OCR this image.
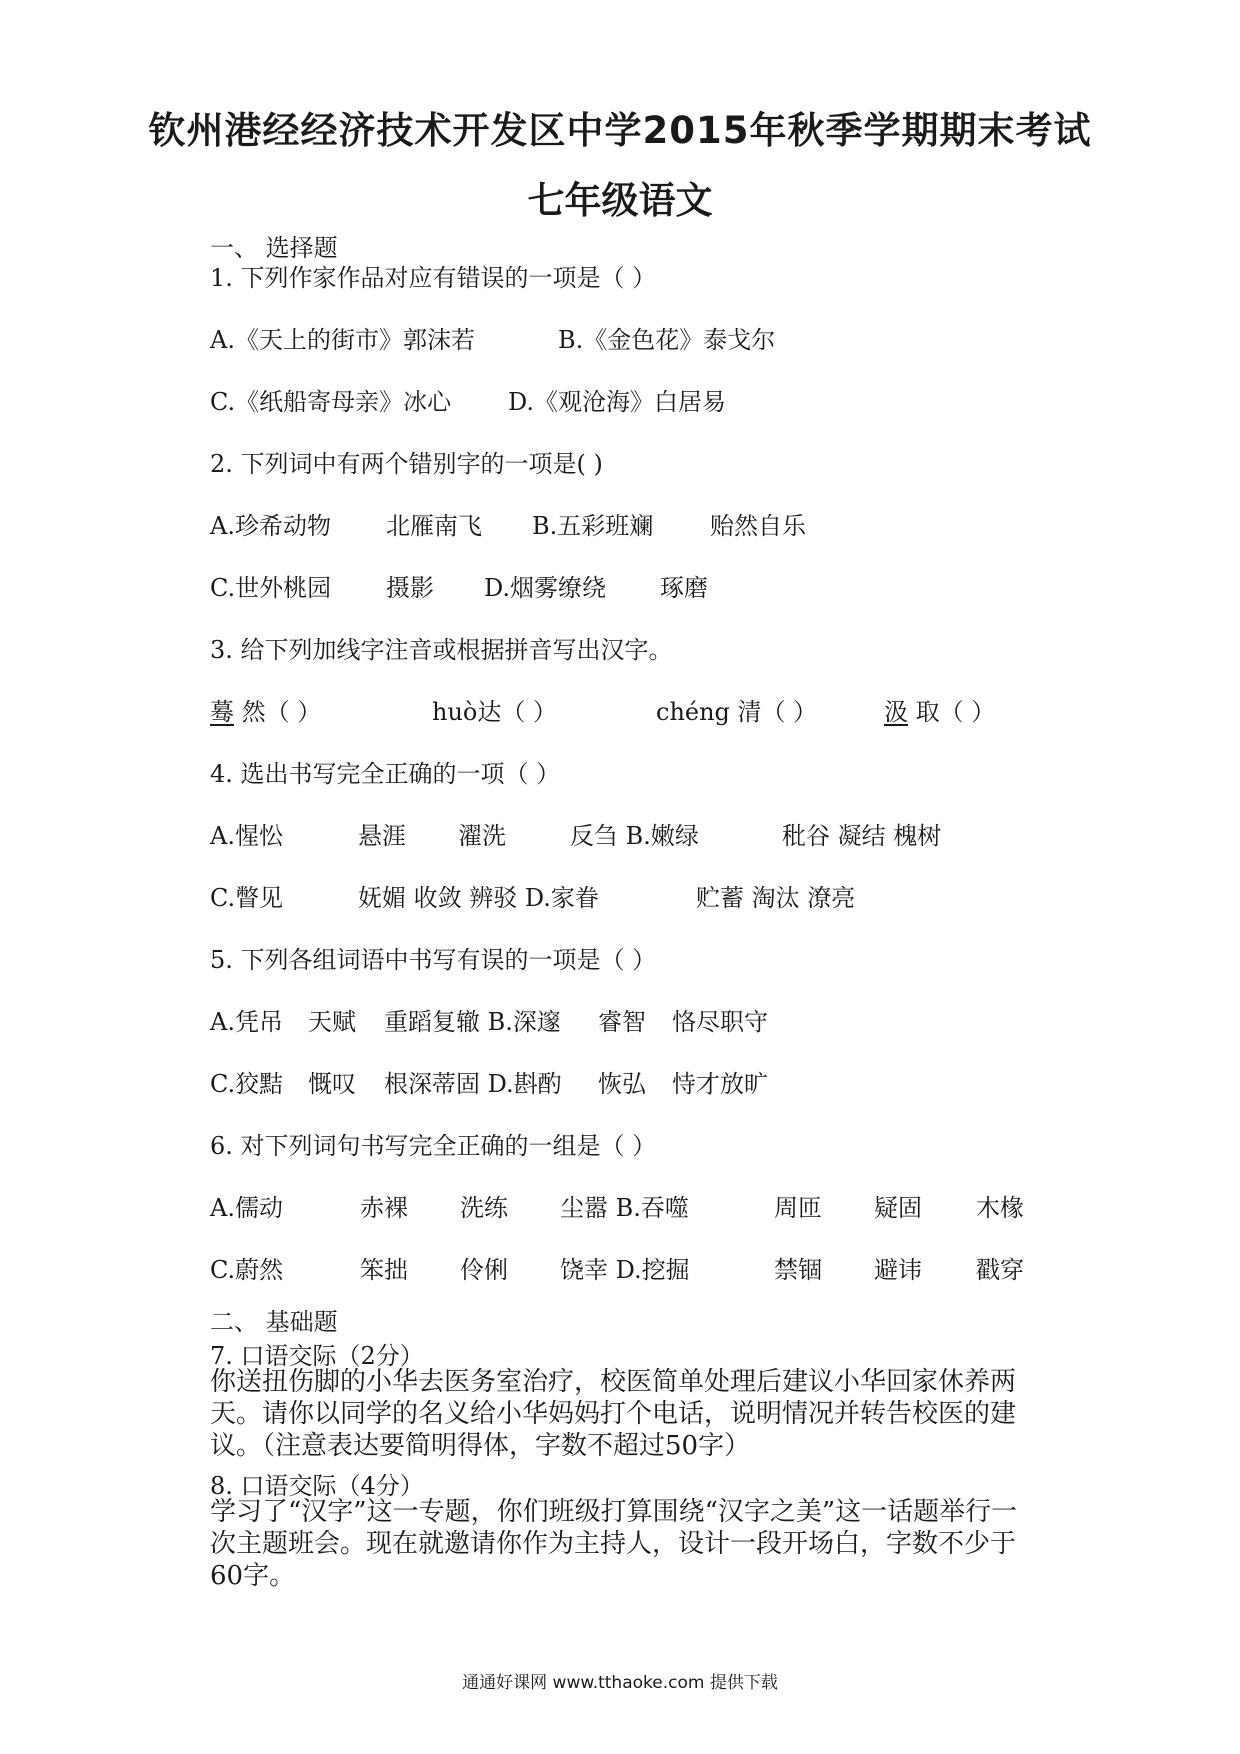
钦州港经经济技术开发区中学2015年秋季学期期末考试
七年级语文
一、 选择题
1. 下列作家作品对应有错误的一项是（ ）
A.《天上的街市》郭沫若	B.《金色花》泰戈尔
C.《纸船寄母亲》冰心 D.《观沧海》白居易
2. 下列词中有两个错别字的一项是( )
A.珍希动物 北雁南飞 B.五彩班斓 贻然自乐
C.世外桃园 摄影 D.烟雾缭绕 琢磨
3. 给下列加线字注音或根据拼音写出汉字。
蓦 然（ ）	huò达（ ）	chéng 清（ ）	汲 取（ ）
4. 选出书写完全正确的一项（ ）
A.惺忪	悬涯 濯洗	反刍 B.嫩绿	秕谷 凝结 槐树
C.瞥见	妩媚 收敛 辨驳 D.家眷	贮蓄 淘汰 潦亮
5. 下列各组词语中书写有误的一项是（ ）
A.凭吊 天赋 重蹈复辙 B.深邃 睿智 恪尽职守
C.狡黠 慨叹 根深蒂固 D.斟酌 恢弘 恃才放旷
6. 对下列词句书写完全正确的一组是（ ）
A.儒动	赤裸 洗练 尘嚣 B.吞噬	周匝 疑固 木椽
C.蔚然	笨拙 伶俐 饶幸 D.挖掘	禁锢 避讳 戳穿
二、 基础题
7. 口语交际（2分）
你送扭伤脚的小华去医务室治疗，校医简单处理后建议小华回家休养两天。请你以同学的名义给小华妈妈打个电话，说明情况并转告校医的建议。（注意表达要简明得体，字数不超过50字）
8. 口语交际（4分）
学习了“汉字”这一专题，你们班级打算围绕“汉字之美”这一话题举行一次主题班会。现在就邀请你作为主持人，设计一段开场白，字数不少于60字。
通通好课网 www.tthaoke.com 提供下载
